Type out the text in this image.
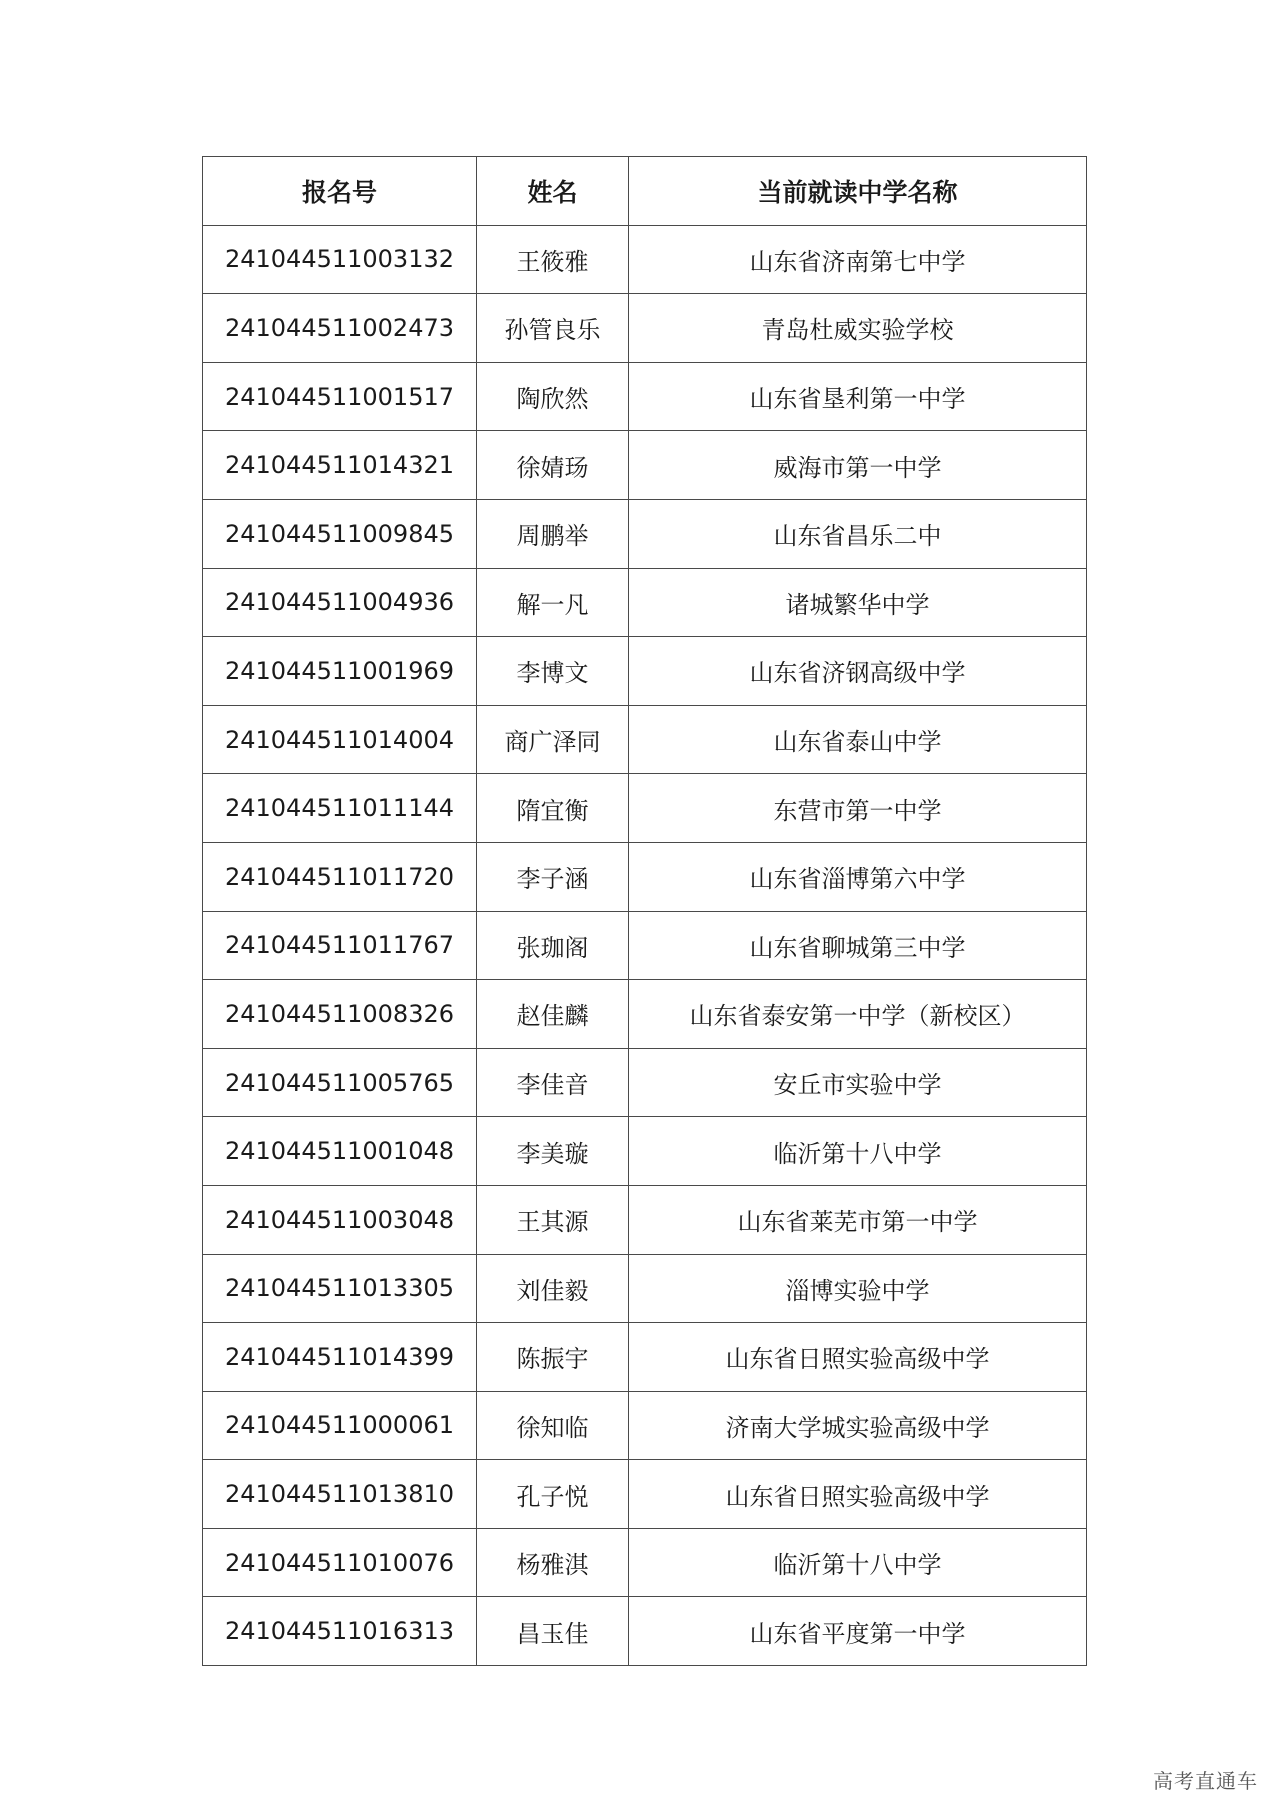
报名号	姓名	当前就读中学名称
241044511003132	王筱雅	山东省济南第七中学
241044511002473	孙管良乐	青岛杜威实验学校
241044511001517	陶欣然	山东省垦利第一中学
241044511014321	徐婧玚	威海市第一中学
241044511009845	周鹏举	山东省昌乐二中
241044511004936	解一凡	诸城繁华中学
241044511001969	李博文	山东省济钢高级中学
241044511014004	商广泽同	山东省泰山中学
241044511011144	隋宜衡	东营市第一中学
241044511011720	李子涵	山东省淄博第六中学
241044511011767	张珈阁	山东省聊城第三中学
241044511008326	赵佳麟	山东省泰安第一中学（新校区）
241044511005765	李佳音	安丘市实验中学
241044511001048	李美璇	临沂第十八中学
241044511003048	王其源	山东省莱芜市第一中学
241044511013305	刘佳毅	淄博实验中学
241044511014399	陈振宇	山东省日照实验高级中学
241044511000061	徐知临	济南大学城实验高级中学
241044511013810	孔子悦	山东省日照实验高级中学
241044511010076	杨雅淇	临沂第十八中学
241044511016313	昌玉佳	山东省平度第一中学
高考直通车
